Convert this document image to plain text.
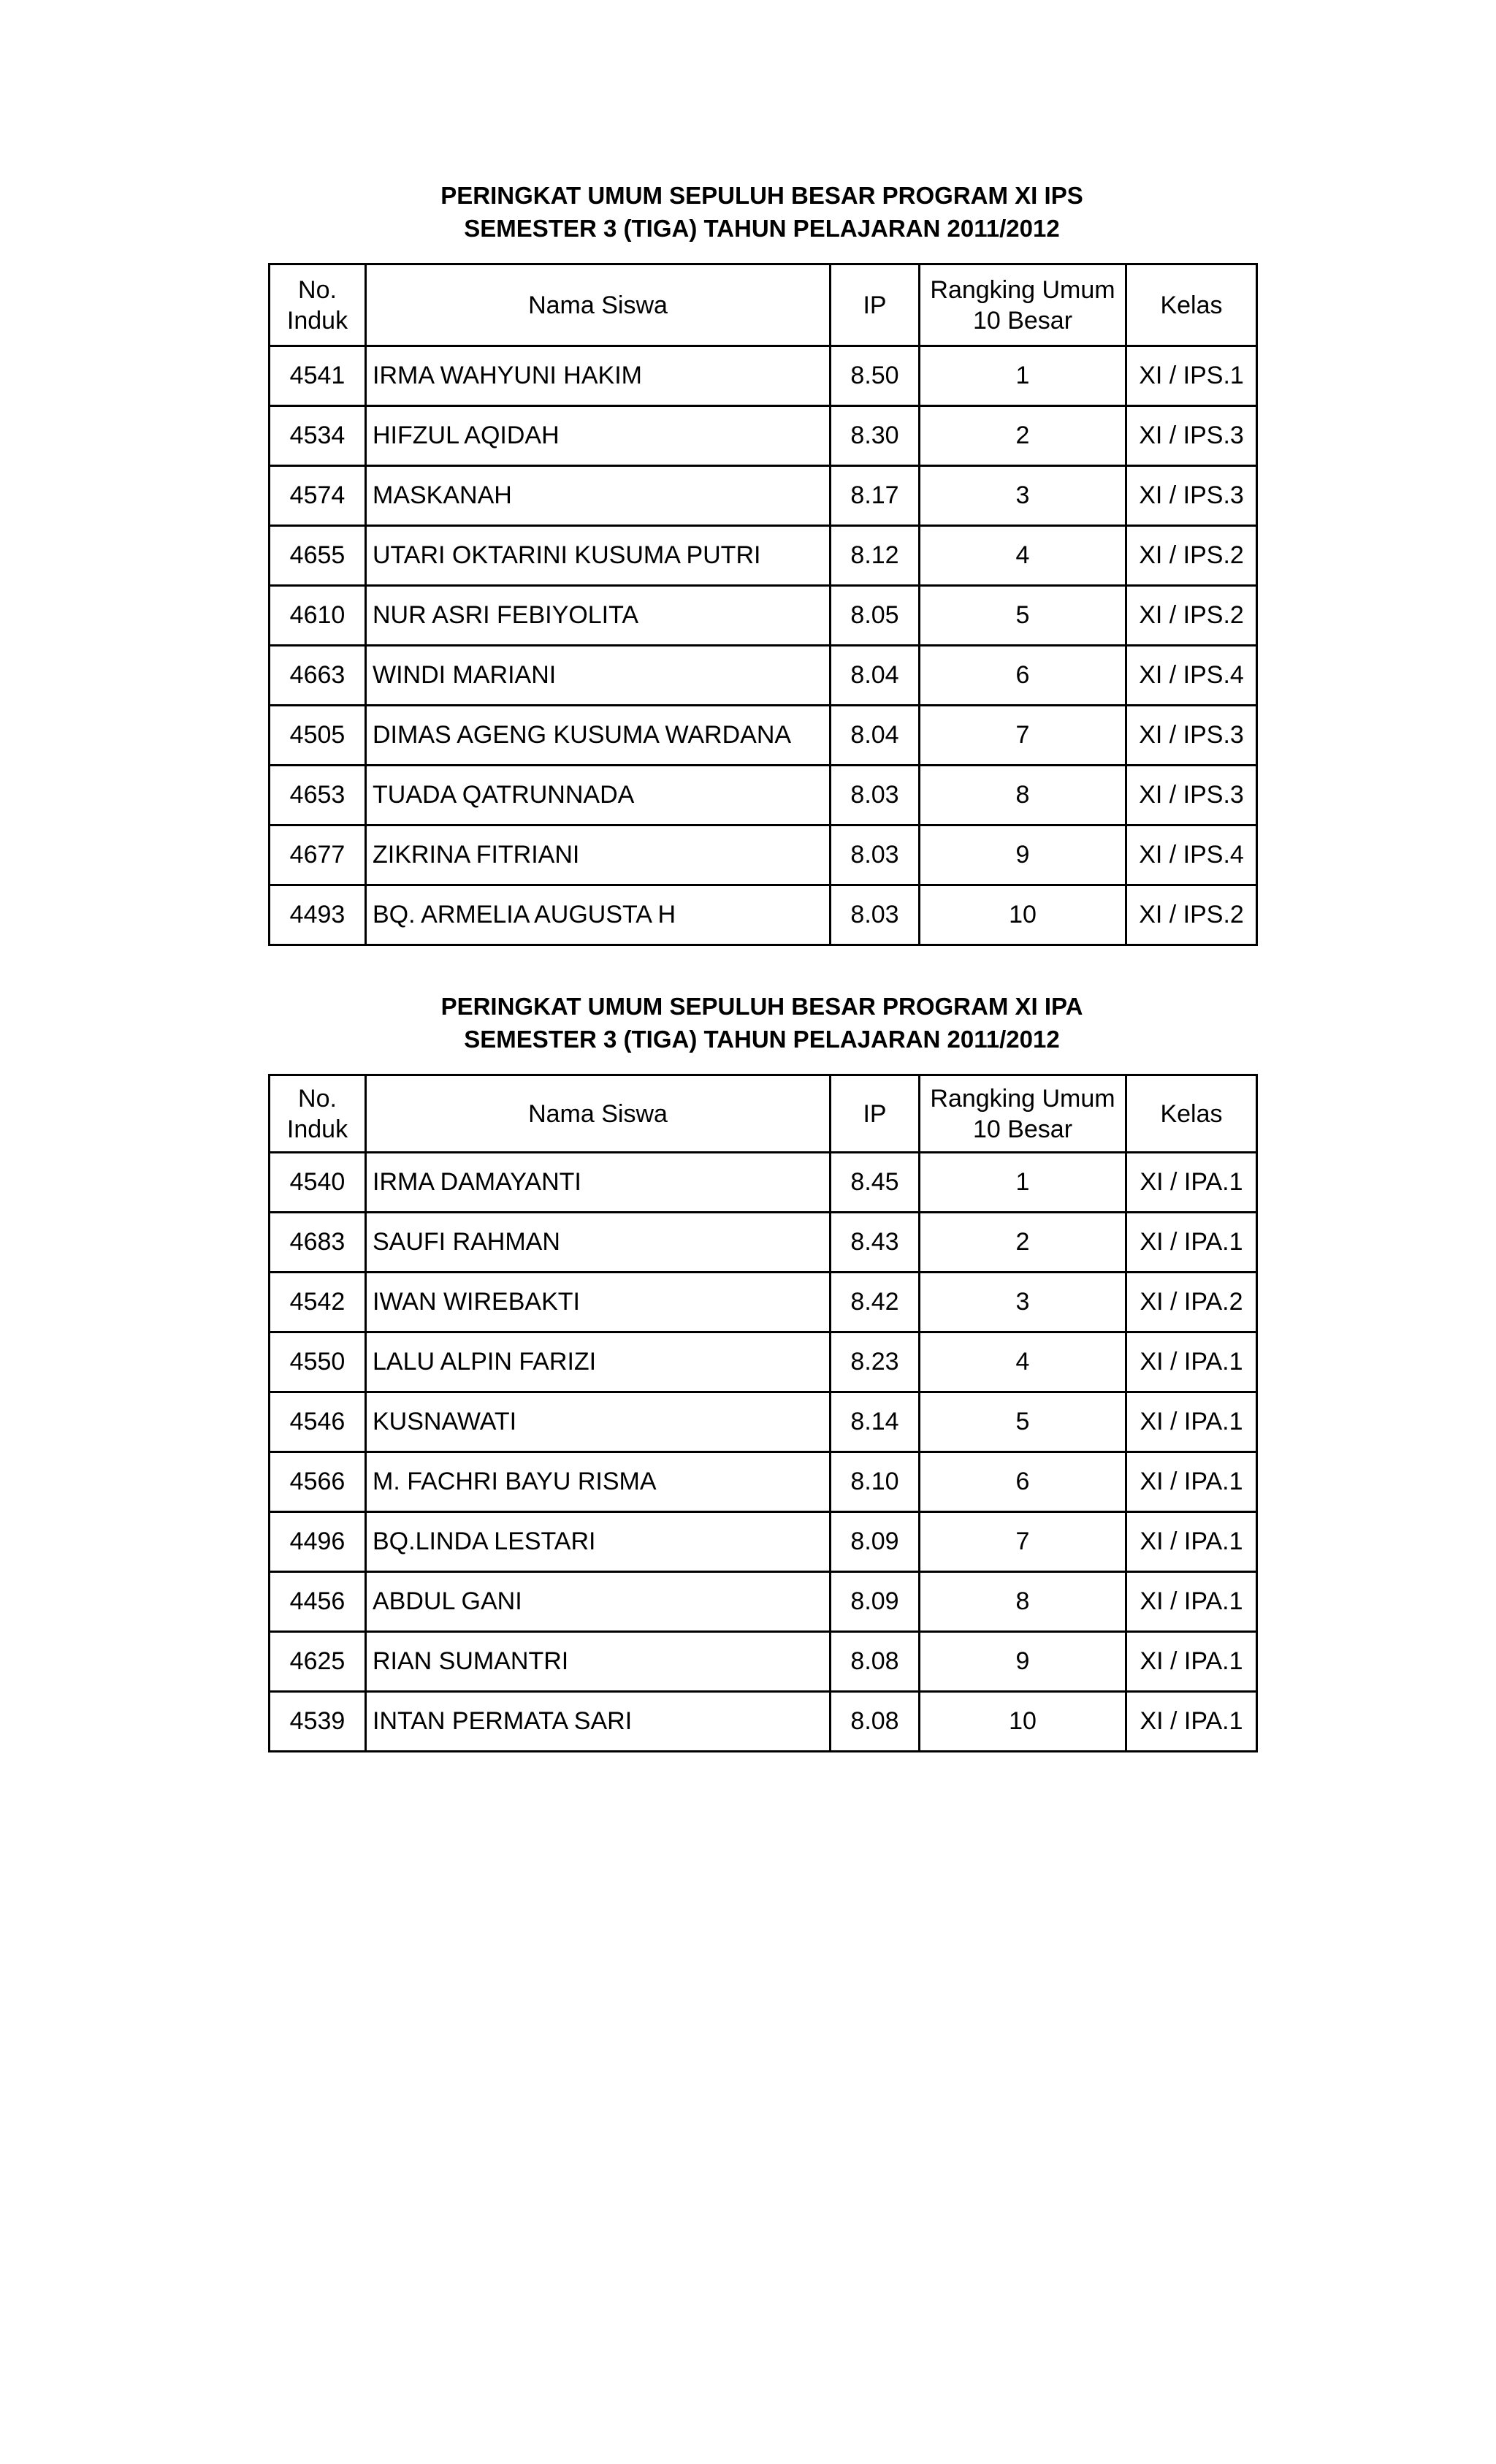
PERINGKAT UMUM SEPULUH BESAR PROGRAM XI IPS
SEMESTER 3 (TIGA) TAHUN PELAJARAN 2011/2012
No. Induk	Nama Siswa	IP	Rangking Umum 10 Besar	Kelas
4541	IRMA WAHYUNI HAKIM	8.50	1	XI / IPS.1
4534	HIFZUL AQIDAH	8.30	2	XI / IPS.3
4574	MASKANAH	8.17	3	XI / IPS.3
4655	UTARI OKTARINI KUSUMA PUTRI	8.12	4	XI / IPS.2
4610	NUR ASRI FEBIYOLITA	8.05	5	XI / IPS.2
4663	WINDI MARIANI	8.04	6	XI / IPS.4
4505	DIMAS AGENG KUSUMA WARDANA	8.04	7	XI / IPS.3
4653	TUADA QATRUNNADA	8.03	8	XI / IPS.3
4677	ZIKRINA FITRIANI	8.03	9	XI / IPS.4
4493	BQ. ARMELIA AUGUSTA H	8.03	10	XI / IPS.2
PERINGKAT UMUM SEPULUH BESAR PROGRAM XI IPA
SEMESTER 3 (TIGA) TAHUN PELAJARAN 2011/2012
No. Induk	Nama Siswa	IP	Rangking Umum 10 Besar	Kelas
4540	IRMA DAMAYANTI	8.45	1	XI / IPA.1
4683	SAUFI RAHMAN	8.43	2	XI / IPA.1
4542	IWAN WIREBAKTI	8.42	3	XI / IPA.2
4550	LALU ALPIN FARIZI	8.23	4	XI / IPA.1
4546	KUSNAWATI	8.14	5	XI / IPA.1
4566	M. FACHRI BAYU RISMA	8.10	6	XI / IPA.1
4496	BQ.LINDA LESTARI	8.09	7	XI / IPA.1
4456	ABDUL GANI	8.09	8	XI / IPA.1
4625	RIAN SUMANTRI	8.08	9	XI / IPA.1
4539	INTAN PERMATA SARI	8.08	10	XI / IPA.1
